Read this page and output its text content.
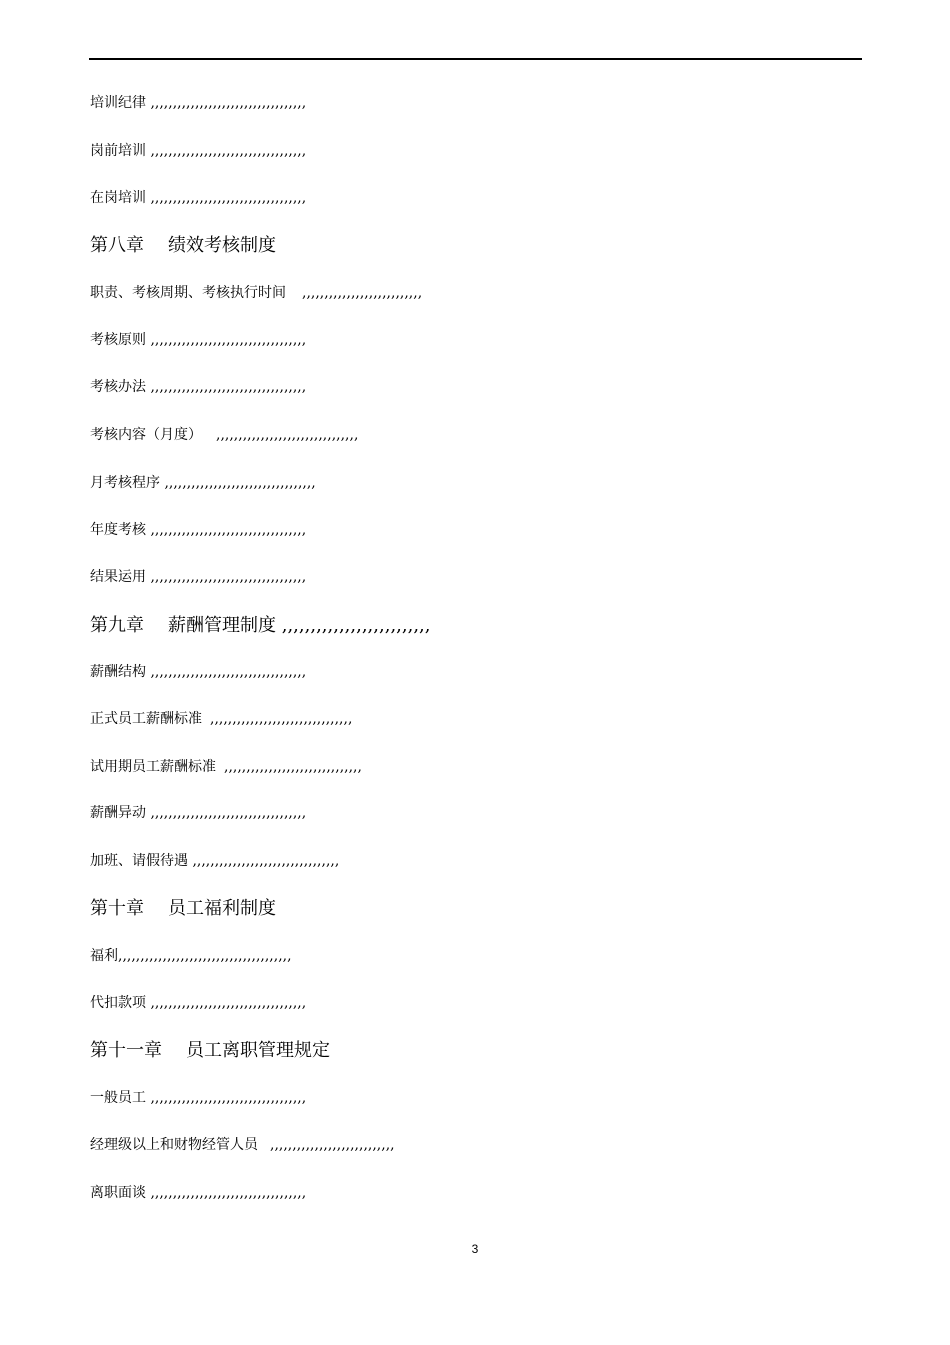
培训纪律 ,,,,,,,,,,,,,,,,,,,,,,,,,,,,,,,,,,,
岗前培训 ,,,,,,,,,,,,,,,,,,,,,,,,,,,,,,,,,,,
在岗培训 ,,,,,,,,,,,,,,,,,,,,,,,,,,,,,,,,,,,
第八章 绩效考核制度
职责、考核周期、考核执行时间 ,,,,,,,,,,,,,,,,,,,,,,,,,,,
考核原则 ,,,,,,,,,,,,,,,,,,,,,,,,,,,,,,,,,,,
考核办法 ,,,,,,,,,,,,,,,,,,,,,,,,,,,,,,,,,,,
考核内容（月度） ,,,,,,,,,,,,,,,,,,,,,,,,,,,,,,,,
月考核程序 ,,,,,,,,,,,,,,,,,,,,,,,,,,,,,,,,,,
年度考核 ,,,,,,,,,,,,,,,,,,,,,,,,,,,,,,,,,,,
结果运用 ,,,,,,,,,,,,,,,,,,,,,,,,,,,,,,,,,,,
第九章 薪酬管理制度 ,,,,,,,,,,,,,,,,,,,,,,,,,,
薪酬结构 ,,,,,,,,,,,,,,,,,,,,,,,,,,,,,,,,,,,
正式员工薪酬标准 ,,,,,,,,,,,,,,,,,,,,,,,,,,,,,,,,
试用期员工薪酬标准 ,,,,,,,,,,,,,,,,,,,,,,,,,,,,,,,
薪酬异动 ,,,,,,,,,,,,,,,,,,,,,,,,,,,,,,,,,,,
加班、请假待遇 ,,,,,,,,,,,,,,,,,,,,,,,,,,,,,,,,,
第十章 员工福利制度
福利,,,,,,,,,,,,,,,,,,,,,,,,,,,,,,,,,,,,,,,
代扣款项 ,,,,,,,,,,,,,,,,,,,,,,,,,,,,,,,,,,,
第十一章 员工离职管理规定
一般员工 ,,,,,,,,,,,,,,,,,,,,,,,,,,,,,,,,,,,
经理级以上和财物经管人员 ,,,,,,,,,,,,,,,,,,,,,,,,,,,,
离职面谈 ,,,,,,,,,,,,,,,,,,,,,,,,,,,,,,,,,,,
3
